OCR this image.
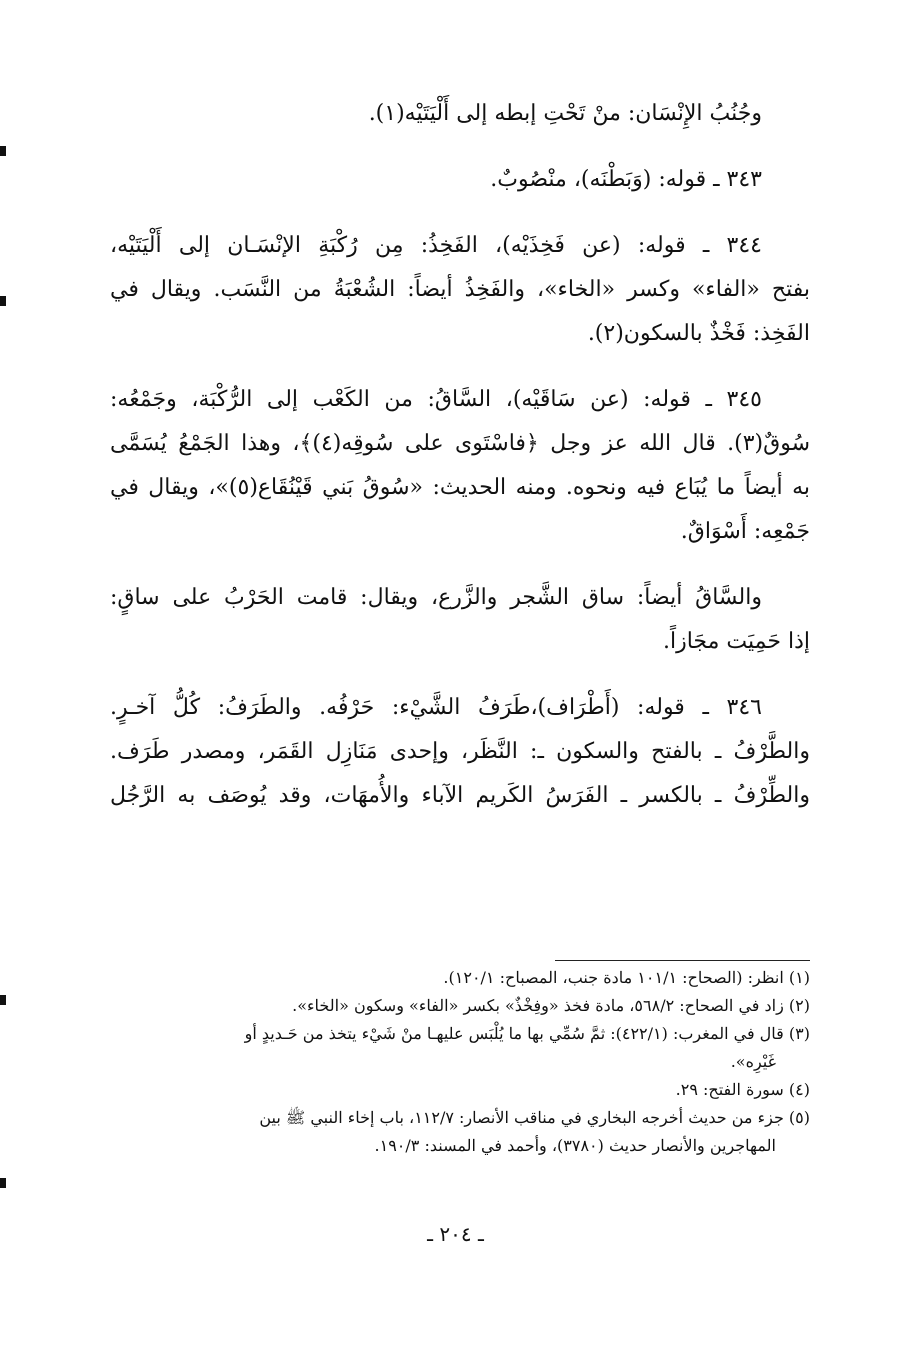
وجُنُبُ الإِنْسَان: منْ تَحْتِ إبطه إلى أَلْيَتَيْه(١).

٣٤٣ ـ قوله: (وَبَطْنَه)، منْصُوبٌ.

٣٤٤ ـ قوله: (عن فَخِذَيْه)، الفَخِذُ: مِن رُكْبَةِ الإنْسَـان إلى أَلْيَتَيْه،
بفتح «الفاء» وكسر «الخاء»، والفَخِذُ أيضاً: الشُعْبَةُ من النَّسَب. ويقال في
الفَخِذ: فَخْذٌ بالسكون(٢).

٣٤٥ ـ قوله: (عن سَاقَيْه)، السَّاقُ: من الكَعْب إلى الرُّكْبَة، وجَمْعُه:
سُوقٌ(٣). قال الله عز وجل ﴿فاسْتَوى على سُوقِه(٤)﴾، وهذا الجَمْعُ يُسَمَّى
به أيضاً ما يُبَاع فيه ونحوه. ومنه الحديث: «سُوقُ بَني قَيْنُقَاع(٥)»، ويقال في
جَمْعِه: أَسْوَاقٌ.

والسَّاقُ أيضاً: ساق الشَّجر والزَّرع، ويقال: قامت الحَرْبُ على ساقٍ:
إذا حَمِيَت مجَازاً.

٣٤٦ ـ قوله: (أَطْرَاف)،طَرَفُ الشَّيْء: حَرْفُه. والطَرَفُ: كُلُّ آخـرٍ.
والطَّرْفُ ـ بالفتح والسكون ـ: النَّظَر، وإحدى مَنَازِل القَمَر، ومصدر طَرَف.
والطِّرْفُ ـ بالكسر ـ الفَرَسُ الكَريم الآباء والأُمهَات، وقد يُوصَف به الرَّجُل

(١) انظر: (الصحاح: ١٠١/١ مادة جنب، المصباح: ١٢٠/١).
(٢) زاد في الصحاح: ٥٦٨/٢، مادة فخذ «وفِخْذٌ» بكسر «الفاء» وسكون «الخاء».
(٣) قال في المغرب: (٤٢٢/١): ثمَّ سُمِّي بها ما يُلْبَس عليهـا منْ شَيْء يتخذ من حَـديدٍ أو
غَيْرِه».
(٤) سورة الفتح: ٢٩.
(٥) جزء من حديث أخرجه البخاري في مناقب الأنصار: ١١٢/٧، باب إخاء النبي ﷺ بين
المهاجرين والأنصار حديث (٣٧٨٠)، وأحمد في المسند: ١٩٠/٣.
ـ ٢٠٤ ـ
